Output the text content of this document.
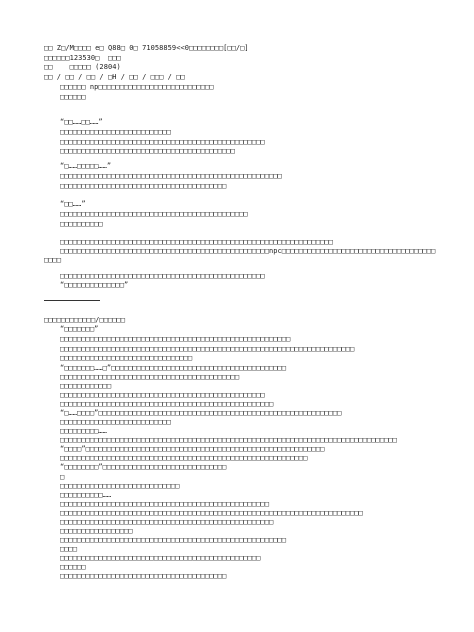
□□ Z□/M□□□□ e□ Q88□ 0□ 71058859<<0□□□□□□□□[□□/□]
□□□□□□123530□  □□□
□□    □□□□□ (2804)
□□ / □□ / □□ / □H / □□ / □□□ / □□
□□□□□□ np□□□□□□□□□□□□□□□□□□□□□□□□□□□
□□□□□□
“□□……□□……”
□□□□□□□□□□□□□□□□□□□□□□□□□□
□□□□□□□□□□□□□□□□□□□□□□□□□□□□□□□□□□□□□□□□□□□□□□□□
□□□□□□□□□□□□□□□□□□□□□□□□□□□□□□□□□□□□□□□□□
“□……□□□□□……”
□□□□□□□□□□□□□□□□□□□□□□□□□□□□□□□□□□□□□□□□□□□□□□□□□□□□
□□□□□□□□□□□□□□□□□□□□□□□□□□□□□□□□□□□□□□□
“□□……”
□□□□□□□□□□□□□□□□□□□□□□□□□□□□□□□□□□□□□□□□□□□□
□□□□□□□□□□
□□□□□□□□□□□□□□□□□□□□□□□□□□□□□□□□□□□□□□□□□□□□□□□□□□□□□□□□□□□□□□□□
□□□□□□□□□□□□□□□□□□□□□□□□□□□□□□□□□□□□□□□□□□□□□□□□□npc□□□□□□□□□□□□□□□□□□□□□□□□□□□□□□□□□□□□
□□□□
□□□□□□□□□□□□□□□□□□□□□□□□□□□□□□□□□□□□□□□□□□□□□□□□
“□□□□□□□□□□□□□□”
□□□□□□□□□□□□/□□□□□□
“□□□□□□□”
□□□□□□□□□□□□□□□□□□□□□□□□□□□□□□□□□□□□□□□□□□□□□□□□□□□□□□
□□□□□□□□□□□□□□□□□□□□□□□□□□□□□□□□□□□□□□□□□□□□□□□□□□□□□□□□□□□□□□□□□□□□□
□□□□□□□□□□□□□□□□□□□□□□□□□□□□□□□
“□□□□□□□……□”□□□□□□□□□□□□□□□□□□□□□□□□□□□□□□□□□□□□□□□□□
□□□□□□□□□□□□□□□□□□□□□□□□□□□□□□□□□□□□□□□□□□
□□□□□□□□□□□□
□□□□□□□□□□□□□□□□□□□□□□□□□□□□□□□□□□□□□□□□□□□□□□□□
□□□□□□□□□□□□□□□□□□□□□□□□□□□□□□□□□□□□□□□□□□□□□□□□□□
“□……□□□□”□□□□□□□□□□□□□□□□□□□□□□□□□□□□□□□□□□□□□□□□□□□□□□□□□□□□□□□□□
□□□□□□□□□□□□□□□□□□□□□□□□□□
□□□□□□□□□……
□□□□□□□□□□□□□□□□□□□□□□□□□□□□□□□□□□□□□□□□□□□□□□□□□□□□□□□□□□□□□□□□□□□□□□□□□□□□□□□
“□□□□”□□□□□□□□□□□□□□□□□□□□□□□□□□□□□□□□□□□□□□□□□□□□□□□□□□□□□□□□
□□□□□□□□□□□□□□□□□□□□□□□□□□□□□□□□□□□□□□□□□□□□□□□□□□□□□□□□□□
“□□□□□□□□”□□□□□□□□□□□□□□□□□□□□□□□□□□□□□
□
□□□□□□□□□□□□□□□□□□□□□□□□□□□□
□□□□□□□□□□……
□□□□□□□□□□□□□□□□□□□□□□□□□□□□□□□□□□□□□□□□□□□□□□□□□
□□□□□□□□□□□□□□□□□□□□□□□□□□□□□□□□□□□□□□□□□□□□□□□□□□□□□□□□□□□□□□□□□□□□□□□
□□□□□□□□□□□□□□□□□□□□□□□□□□□□□□□□□□□□□□□□□□□□□□□□□□
□□□□□□□□□□□□□□□□□
□□□□□□□□□□□□□□□□□□□□□□□□□□□□□□□□□□□□□□□□□□□□□□□□□□□□□
□□□□
□□□□□□□□□□□□□□□□□□□□□□□□□□□□□□□□□□□□□□□□□□□□□□□
□□□□□□
□□□□□□□□□□□□□□□□□□□□□□□□□□□□□□□□□□□□□□□
